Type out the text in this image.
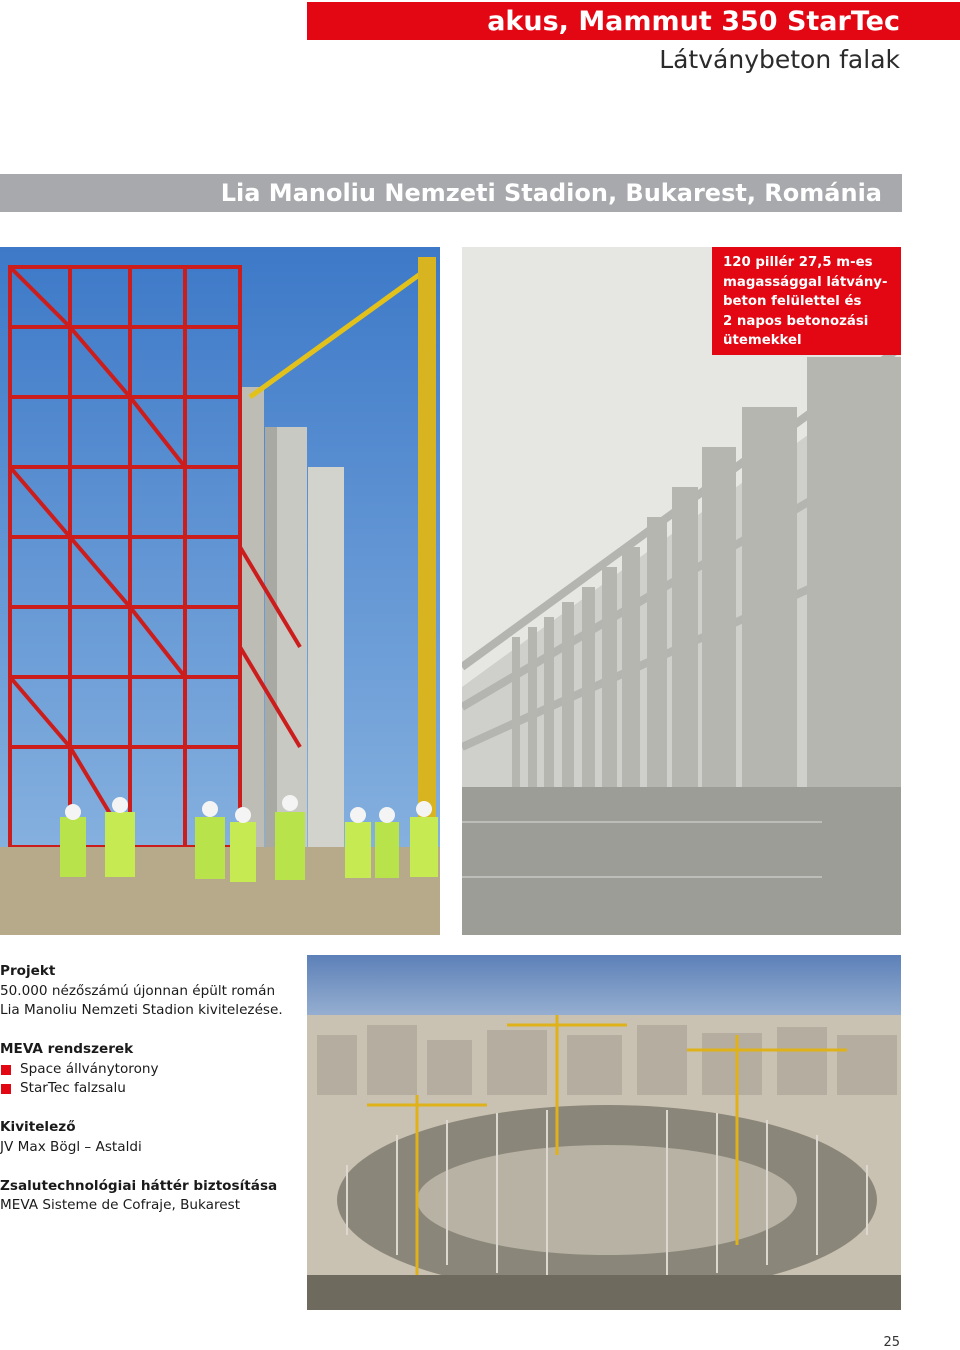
akus, Mammut 350 StarTec
Látványbeton falak
Lia Manoliu Nemzeti Stadion, Bukarest, Románia

120 pillér 27,5 m-es

magassággal látvány-

beton felülettel és

2 napos betonozási

ütemekkel

Projekt
50.000 nézőszámú újonnan épült román
Lia Manoliu Nemzeti Stadion kivitelezése.
MEVA rendszerek
Space állványtorony
StarTec falzsalu
Kivitelező
JV Max Bögl – Astaldi
Zsalutechnológiai háttér biztosítása
MEVA Sisteme de Cofraje, Bukarest
25
